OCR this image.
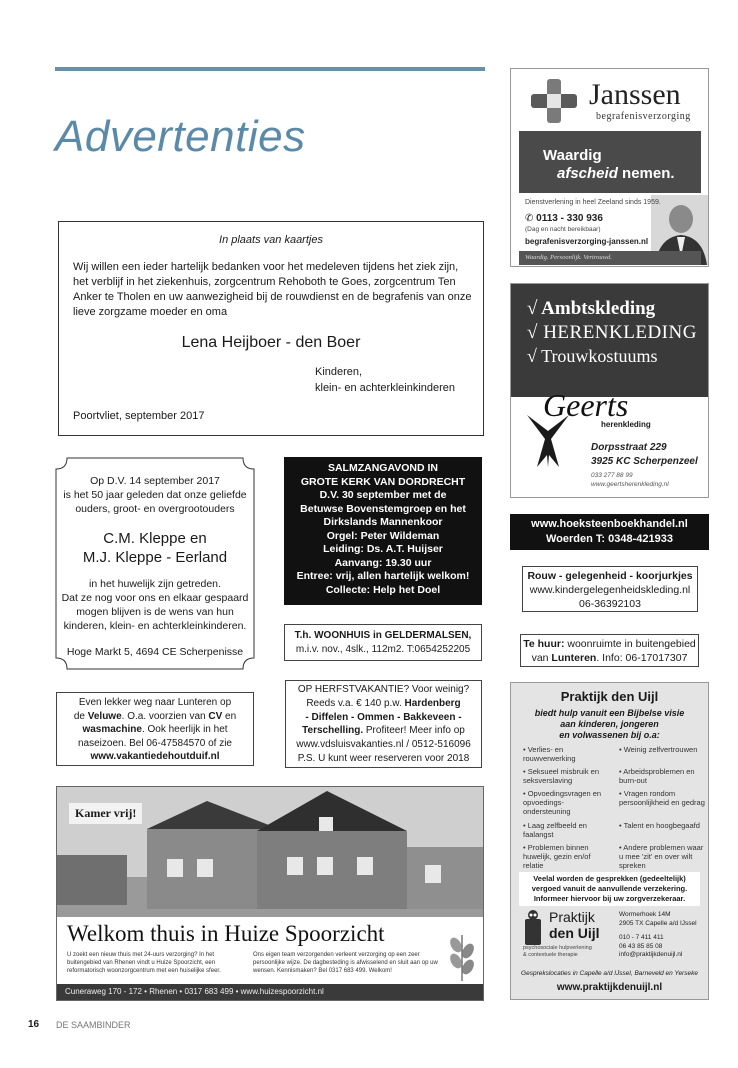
Advertenties
In plaats van kaartjes
Wij willen een ieder hartelijk bedanken voor het medeleven tijdens het ziek zijn, het verblijf in het ziekenhuis, zorgcentrum Rehoboth te Goes, zorgcentrum Ten Anker te Tholen en uw aanwezigheid bij de rouwdienst en de begrafenis van onze lieve zorgzame moeder en oma
Lena Heijboer - den Boer
Kinderen,
klein- en achterkleinkinderen
Poortvliet, september 2017
Op D.V. 14 september 2017
is het 50 jaar geleden dat onze geliefde
ouders, groot- en overgrootouders
C.M. Kleppe en
M.J. Kleppe - Eerland
in het huwelijk zijn getreden.
Dat ze nog voor ons en elkaar gespaard
mogen blijven is de wens van hun
kinderen, klein- en achterkleinkinderen.
Hoge Markt 5, 4694 CE Scherpenisse
SALMZANGAVOND IN
GROTE KERK VAN DORDRECHT
D.V. 30 september met de
Betuwse Bovenstemgroep en het
Dirkslands Mannenkoor
Orgel: Peter Wildeman
Leiding: Ds. A.T. Huijser
Aanvang: 19.30 uur
Entree: vrij, allen hartelijk welkom!
Collecte: Help het Doel
T.h. WOONHUIS in GELDERMALSEN,
m.i.v. nov., 4slk., 112m2. T:0654252205
Janssen
begrafenisverzorging
Waardig
afscheid nemen.
Dienstverlening in heel Zeeland sinds 1959.
✆ 0113 - 330 936
(Dag en nacht bereikbaar)
begrafenisverzorging-janssen.nl
Waardig. Persoonlijk. Vertrouwd.
√ Ambtskleding
√ HERENKLEDING
√ Trouwkostuums
Geerts
herenkleding
Dorpsstraat 229
3925 KC Scherpenzeel
033 277 88 99
www.geertsherenkleding.nl
www.hoeksteenboekhandel.nl
Woerden T: 0348-421933
Rouw - gelegenheid - koorjurkjes
www.kindergelegenheidskleding.nl
06-36392103
Te huur: woonruimte in buitengebied
van Lunteren. Info: 06-17017307
Even lekker weg naar Lunteren op
de Veluwe. O.a. voorzien van CV en
wasmachine. Ook heerlijk in het
naseizoen. Bel 06-47584570 of zie
www.vakantiedehoutduif.nl
OP HERFSTVAKANTIE? Voor weinig?
Reeds v.a. € 140 p.w. Hardenberg
- Diffelen - Ommen - Bakkeveen -
Terschelling. Profiteer! Meer info op
www.vdsluisvakanties.nl / 0512-516096
P.S. U kunt weer reserveren voor 2018
Praktijk den Uijl
biedt hulp vanuit een Bijbelse visie
aan kinderen, jongeren
en volwassenen bij o.a:
• Verlies- en rouwverwerking
• Seksueel misbruik en seksverslaving
• Opvoedingsvragen en opvoedings-ondersteuning
• Laag zelfbeeld en faalangst
• Problemen binnen huwelijk, gezin en/of relatie
• Weinig zelfvertrouwen
• Arbeidsproblemen en burn-out
• Vragen rondom persoonlijkheid en gedrag
• Talent en hoogbegaafd
• Andere problemen waar u mee 'zit' en over wilt spreken
Veelal worden de gesprekken (gedeeltelijk)
vergoed vanuit de aanvullende verzekering.
Informeer hiervoor bij uw zorgverzekeraar.
Praktijk
den Uijl
psychosociale hulpverlening
& contextuele therapie
Wormerhoek 14M
2905 TX Capelle a/d IJssel
010 - 7 411 411
06 43 85 85 08
info@praktijkdenuijl.nl
Gesprekslocaties in Capelle a/d IJssel, Barneveld en Yerseke
www.praktijkdenuijl.nl
Kamer vrij!
Welkom thuis in Huize Spoorzicht
U zoekt een nieuw thuis met 24-uurs verzorging? In het buitengebied van Rhenen vindt u Huize Spoorzicht, een reformatorisch woonzorgcentrum met een huiselijke sfeer.
Ons eigen team verzorgenden verleent verzorging op een zeer persoonlijke wijze. De dagbesteding is afwisselend en sluit aan op uw wensen. Kennismaken? Bel 0317 683 499. Welkom!
Cuneraweg 170 - 172 • Rhenen • 0317 683 499 • www.huizespoorzicht.nl
16 DE SAAMBINDER
